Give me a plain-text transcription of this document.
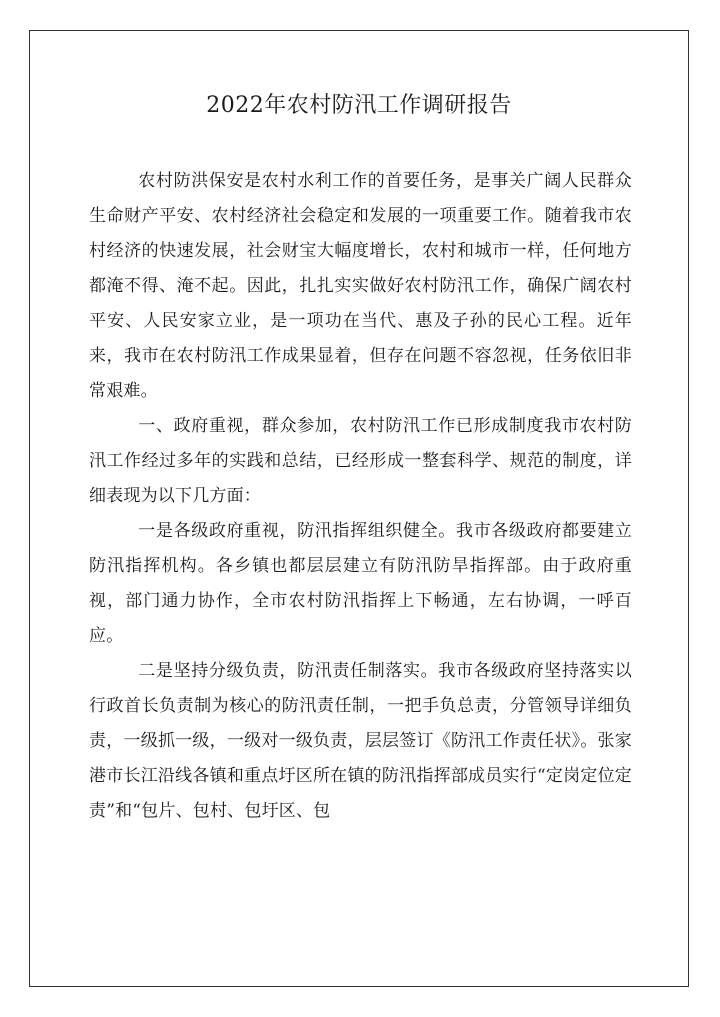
2022年农村防汛工作调研报告

农村防洪保安是农村水利工作的首要任务，是事关广阔人民群众生命财产平安、农村经济社会稳定和发展的一项重要工作。随着我市农村经济的快速发展，社会财宝大幅度增长，农村和城市一样，任何地方都淹不得、淹不起。因此，扎扎实实做好农村防汛工作，确保广阔农村平安、人民安家立业，是一项功在当代、惠及子孙的民心工程。近年来，我市在农村防汛工作成果显着，但存在问题不容忽视，任务依旧非常艰难。

一、政府重视，群众参加，农村防汛工作已形成制度我市农村防汛工作经过多年的实践和总结，已经形成一整套科学、规范的制度，详细表现为以下几方面：

一是各级政府重视，防汛指挥组织健全。我市各级政府都要建立防汛指挥机构。各乡镇也都层层建立有防汛防旱指挥部。由于政府重视，部门通力协作，全市农村防汛指挥上下畅通，左右协调，一呼百应。

二是坚持分级负责，防汛责任制落实。我市各级政府坚持落实以行政首长负责制为核心的防汛责任制，一把手负总责，分管领导详细负责，一级抓一级，一级对一级负责，层层签订《防汛工作责任状》。张家港市长江沿线各镇和重点圩区所在镇的防汛指挥部成员实行“定岗定位定责”和“包片、包村、包圩区、包
